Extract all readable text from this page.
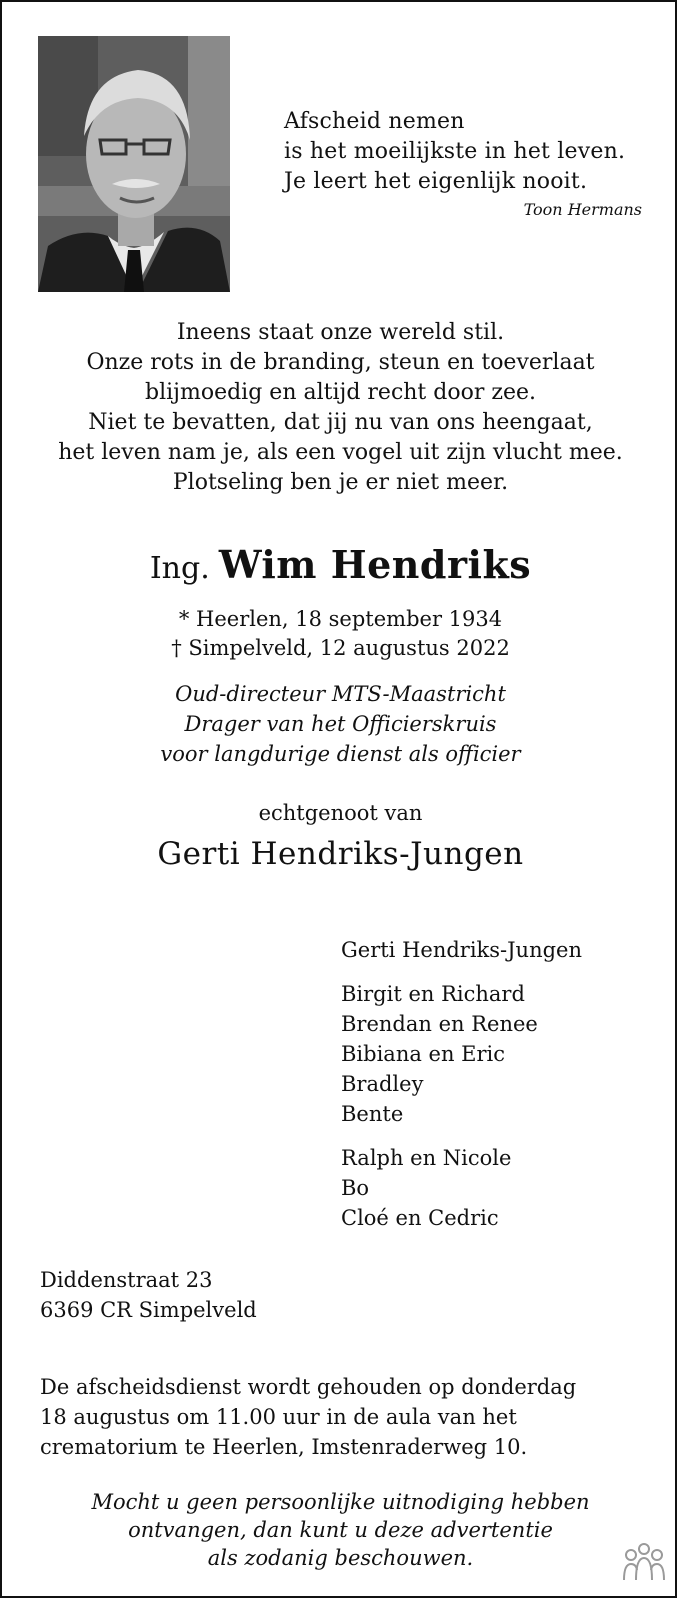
Afscheid nemen
is het moeilijkste in het leven.
Je leert het eigenlijk nooit.
Toon Hermans
Ineens staat onze wereld stil.
Onze rots in de branding, steun en toeverlaat
blijmoedig en altijd recht door zee.
Niet te bevatten, dat jij nu van ons heengaat,
het leven nam je, als een vogel uit zijn vlucht mee.
Plotseling ben je er niet meer.
Ing. Wim Hendriks
* Heerlen, 18 september 1934
† Simpelveld, 12 augustus 2022
Oud-directeur MTS-Maastricht
Drager van het Officierskruis
voor langdurige dienst als officier
echtgenoot van
Gerti Hendriks-Jungen
Gerti Hendriks-Jungen
Birgit en Richard
Brendan en Renee
Bibiana en Eric
Bradley
Bente
Ralph en Nicole
Bo
Cloé en Cedric
Diddenstraat 23
6369 CR Simpelveld
De afscheidsdienst wordt gehouden op donderdag
18 augustus om 11.00 uur in de aula van het
crematorium te Heerlen, Imstenraderweg 10.
Mocht u geen persoonlijke uitnodiging hebben
ontvangen, dan kunt u deze advertentie
als zodanig beschouwen.
